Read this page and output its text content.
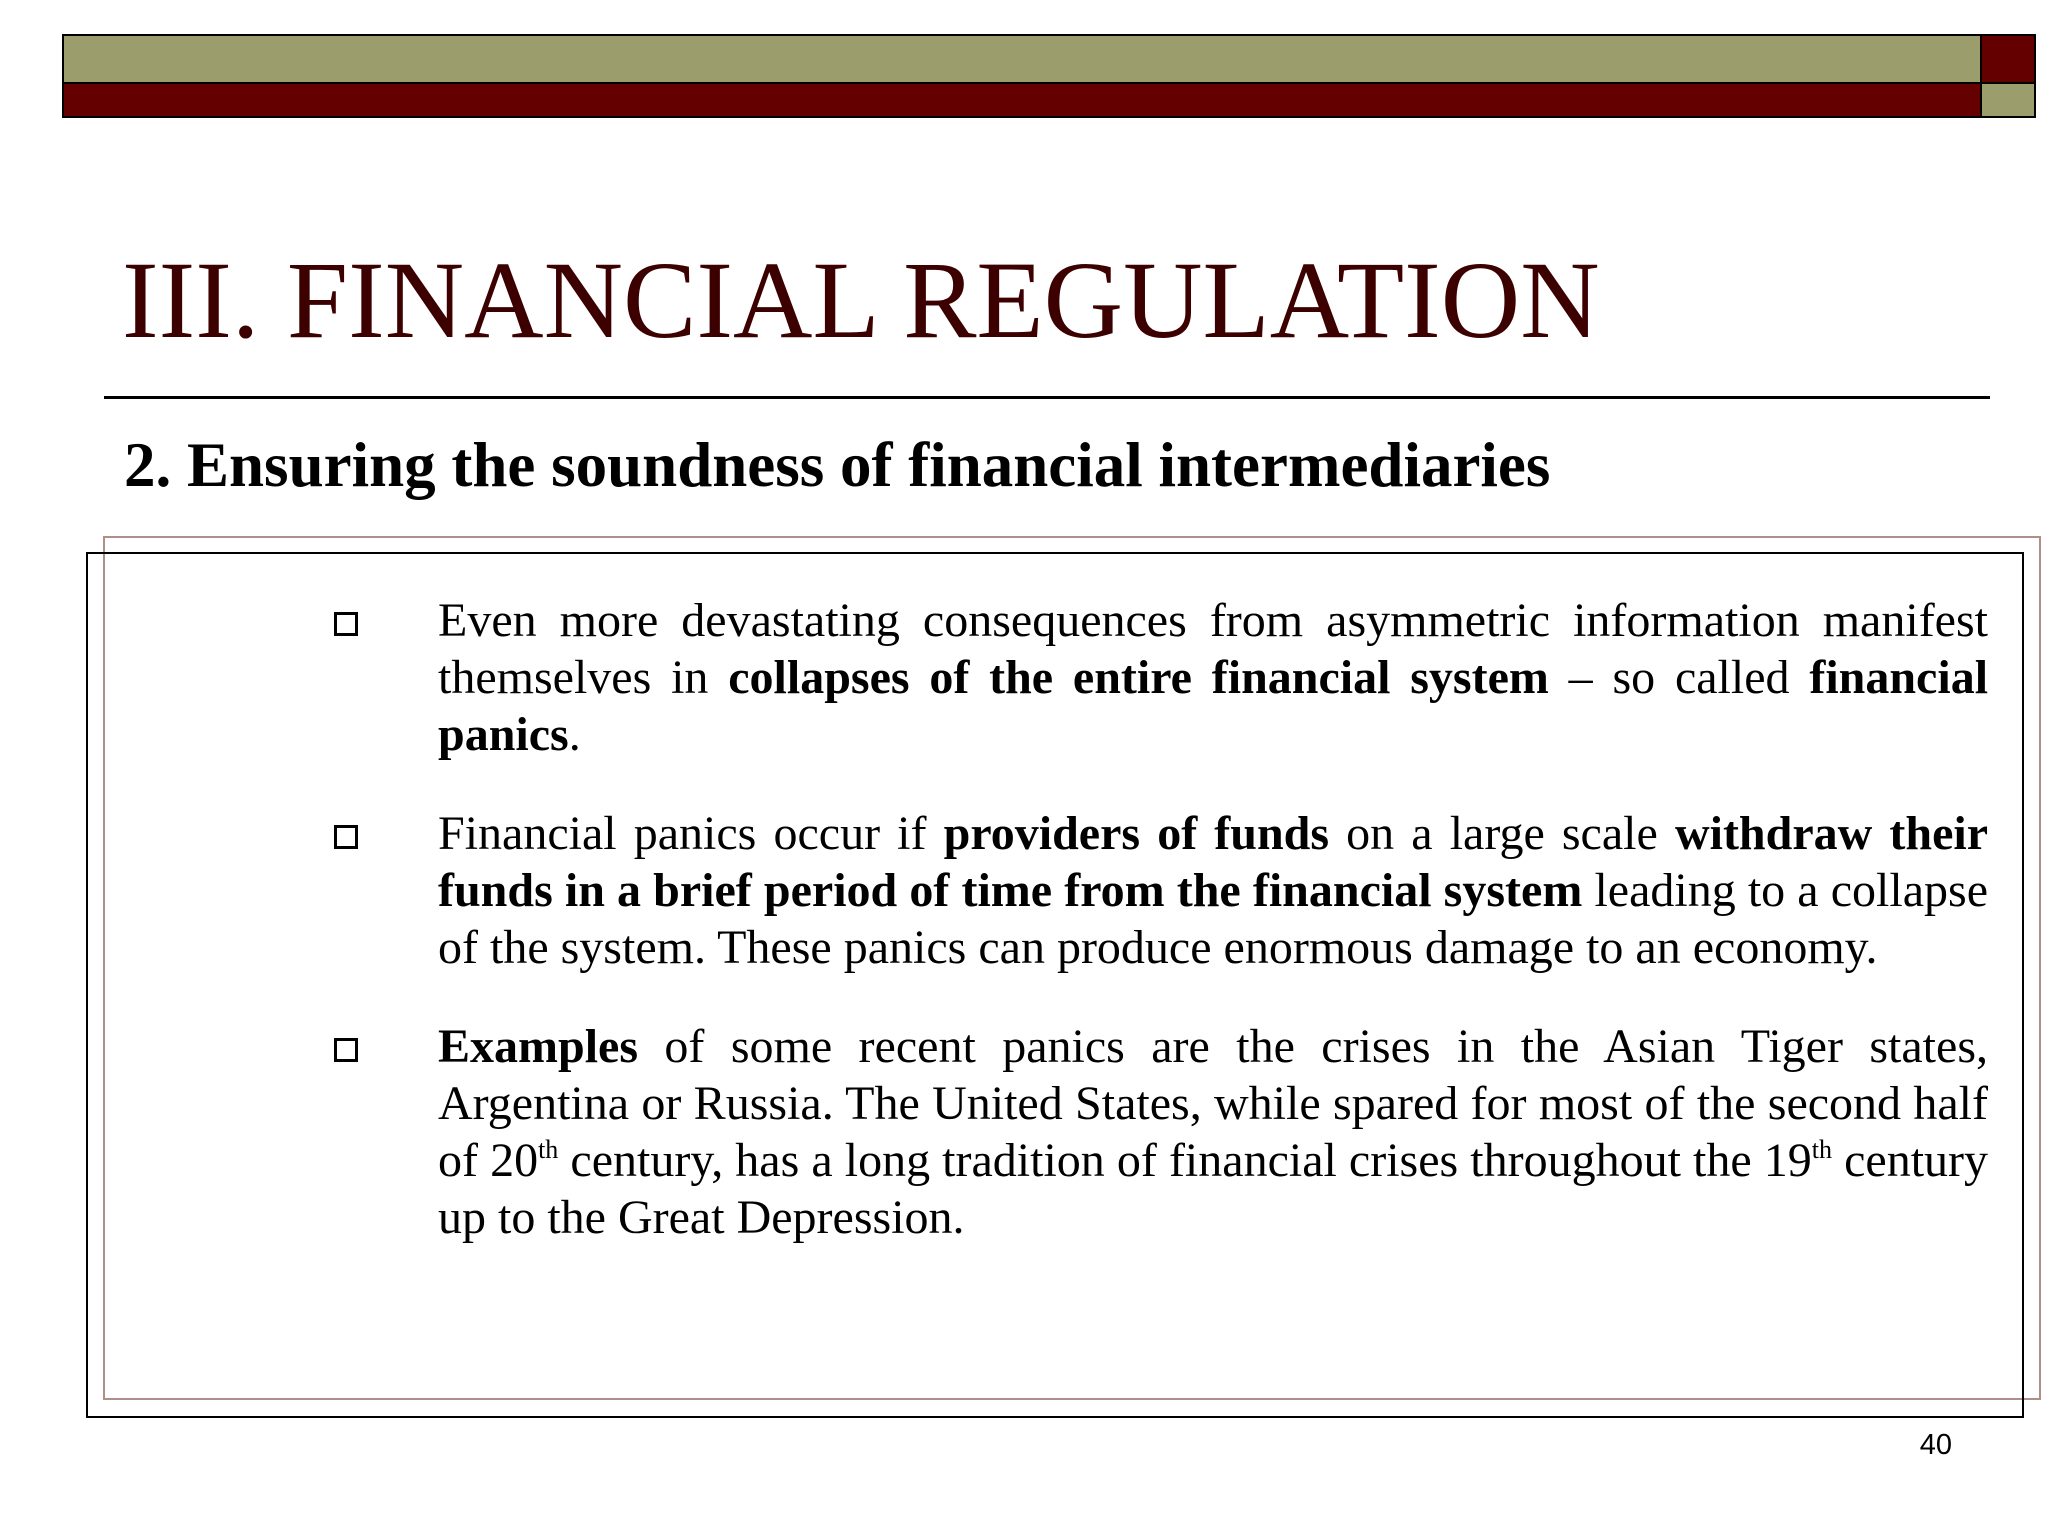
III. FINANCIAL REGULATION
2. Ensuring the soundness of financial intermediaries
Even more devastating consequences from asymmetric information manifest themselves in collapses of the entire financial system – so called financial panics.
Financial panics occur if providers of funds on a large scale withdraw their funds in a brief period of time from the financial system leading to a collapse of the system. These panics can produce enormous damage to an economy.
Examples of some recent panics are the crises in the Asian Tiger states, Argentina or Russia. The United States, while spared for most of the second half of 20th century, has a long tradition of financial crises throughout the 19th century up to the Great Depression.
40
